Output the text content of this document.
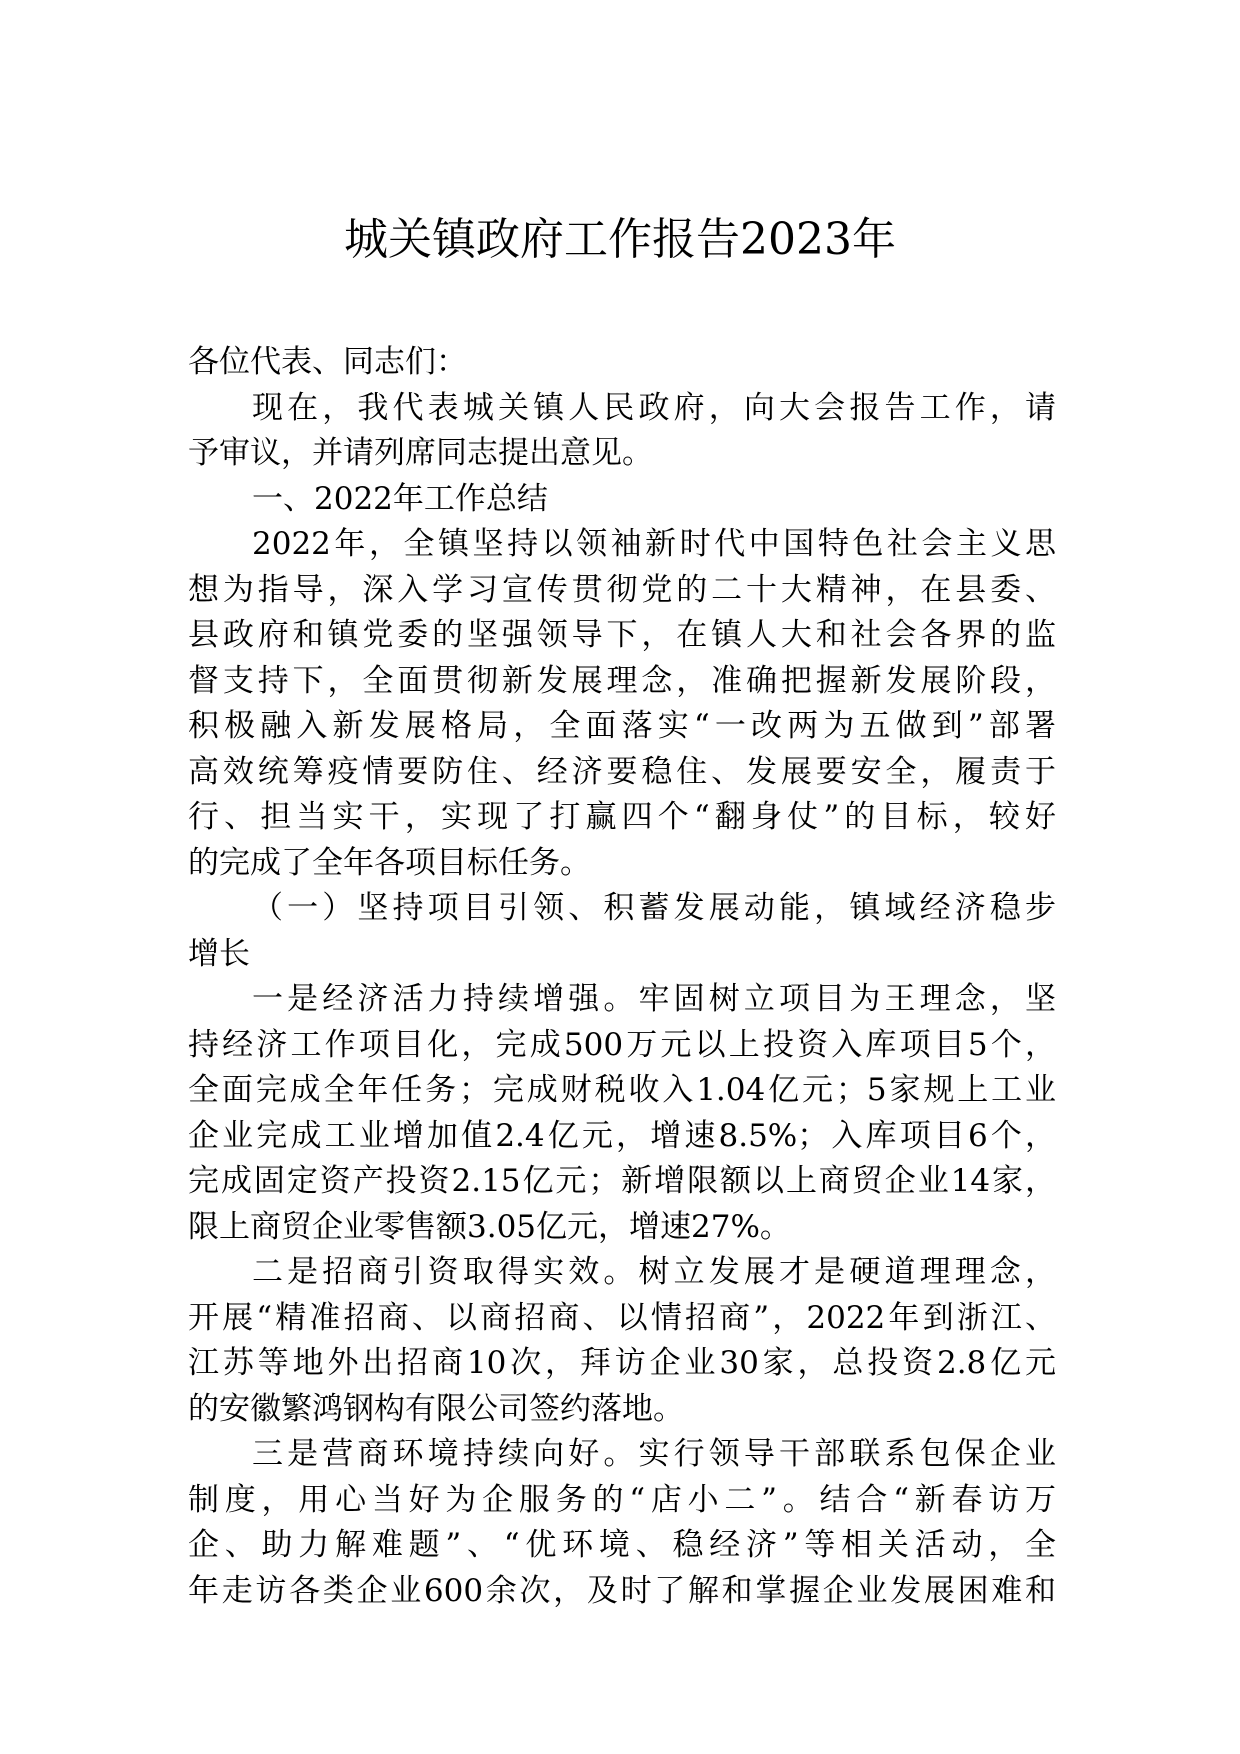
城关镇政府工作报告2023年
各位代表、同志们：
现在，我代表城关镇人民政府，向大会报告工作，请
予审议，并请列席同志提出意见。
一、2022年工作总结
2022年，全镇坚持以领袖新时代中国特色社会主义思
想为指导，深入学习宣传贯彻党的二十大精神，在县委、
县政府和镇党委的坚强领导下，在镇人大和社会各界的监
督支持下，全面贯彻新发展理念，准确把握新发展阶段，
积极融入新发展格局，全面落实“一改两为五做到”部署
高效统筹疫情要防住、经济要稳住、发展要安全，履责于
行、担当实干，实现了打赢四个“翻身仗”的目标，较好
的完成了全年各项目标任务。
（一）坚持项目引领、积蓄发展动能，镇域经济稳步
增长
一是经济活力持续增强。牢固树立项目为王理念，坚
持经济工作项目化，完成500万元以上投资入库项目5个，
全面完成全年任务；完成财税收入1.04亿元；5家规上工业
企业完成工业增加值2.4亿元，增速8.5%；入库项目6个，
完成固定资产投资2.15亿元；新增限额以上商贸企业14家，
限上商贸企业零售额3.05亿元，增速27%。
二是招商引资取得实效。树立发展才是硬道理理念，
开展“精准招商、以商招商、以情招商”，2022年到浙江、
江苏等地外出招商10次，拜访企业30家，总投资2.8亿元
的安徽繁鸿钢构有限公司签约落地。
三是营商环境持续向好。实行领导干部联系包保企业
制度，用心当好为企服务的“店小二”。结合“新春访万
企、助力解难题”、“优环境、稳经济”等相关活动，全
年走访各类企业600余次，及时了解和掌握企业发展困难和
